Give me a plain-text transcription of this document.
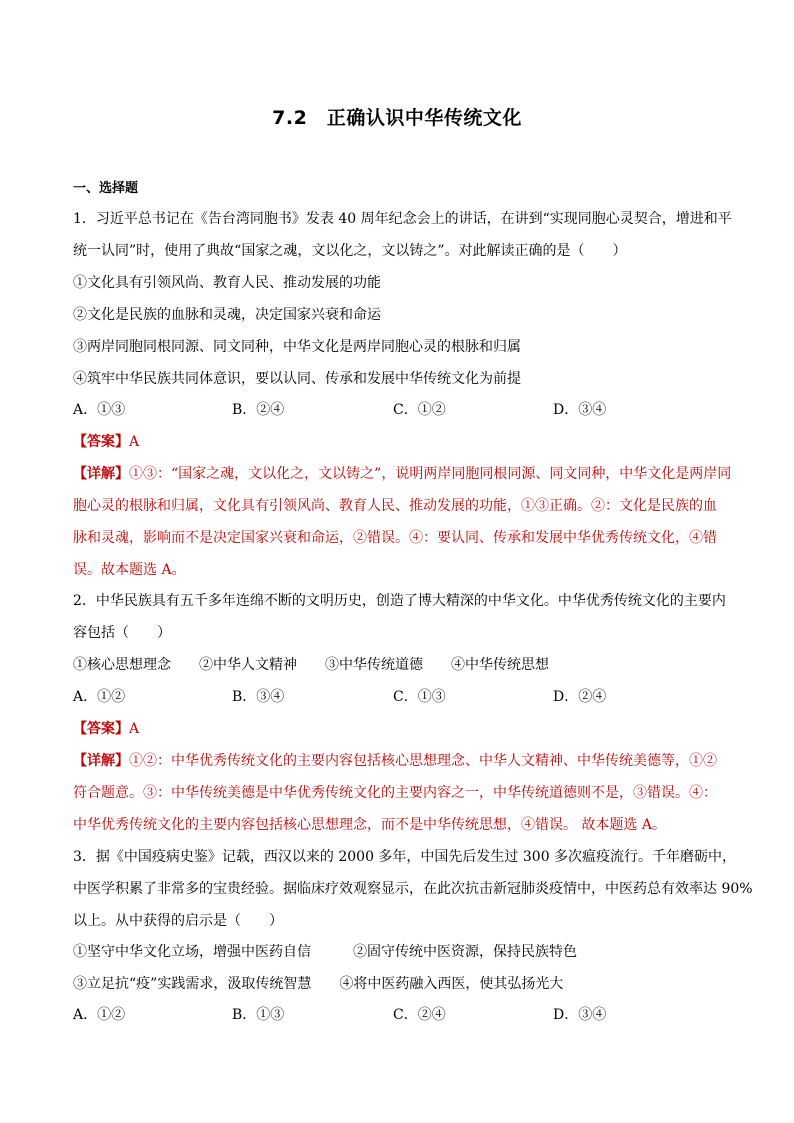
7.2　正确认识中华传统文化
一、选择题
1．习近平总书记在《告台湾同胞书》发表 40 周年纪念会上的讲话，在讲到“实现同胞心灵契合，增进和平
统一认同”时，使用了典故“国家之魂，文以化之，文以铸之”。对此解读正确的是（　　）
①文化具有引领风尚、教育人民、推动发展的功能
②文化是民族的血脉和灵魂，决定国家兴衰和命运
③两岸同胞同根同源、同文同种，中华文化是两岸同胞心灵的根脉和归属
④筑牢中华民族共同体意识，要以认同、传承和发展中华传统文化为前提
A．①③	B．②④	C．①②	D．③④
【答案】A
【详解】①③：“国家之魂，文以化之，文以铸之”，说明两岸同胞同根同源、同文同种，中华文化是两岸同
胞心灵的根脉和归属，文化具有引领风尚、教育人民、推动发展的功能，①③正确。②：文化是民族的血
脉和灵魂，影响而不是决定国家兴衰和命运，②错误。④：要认同、传承和发展中华优秀传统文化，④错
误。故本题选 A。
2．中华民族具有五千多年连绵不断的文明历史，创造了博大精深的中华文化。中华优秀传统文化的主要内
容包括（　　）
①核心思想理念　　②中华人文精神　　③中华传统道德　　④中华传统思想
A．①②	B．③④	C．①③	D．②④
【答案】A
【详解】①②：中华优秀传统文化的主要内容包括核心思想理念、中华人文精神、中华传统美德等，①②
符合题意。③：中华传统美德是中华优秀传统文化的主要内容之一，中华传统道德则不是，③错误。④：
中华优秀传统文化的主要内容包括核心思想理念，而不是中华传统思想，④错误。 故本题选 A。
3．据《中国疫病史鉴》记载，西汉以来的 2000 多年，中国先后发生过 300 多次瘟疫流行。千年磨砺中，
中医学积累了非常多的宝贵经验。据临床疗效观察显示，在此次抗击新冠肺炎疫情中，中医药总有效率达 90%
以上。从中获得的启示是（　　）
①坚守中华文化立场，增强中医药自信　　　②固守传统中医资源，保持民族特色
③立足抗“疫”实践需求，汲取传统智慧　　④将中医药融入西医，使其弘扬光大
A．①②	B．①③	C．②④	D．③④
